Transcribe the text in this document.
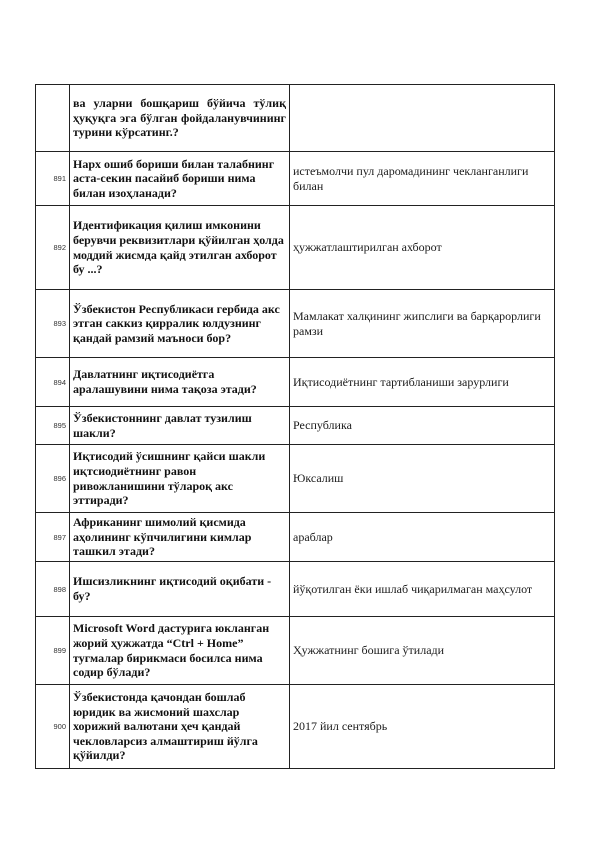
	ва уларни бошқариш бўйича тўлиқ ҳуқуқга эга бўлган фойдаланувчининг турини кўрсатинг.?	
891	Нарх ошиб бориши билан талабнинг аста-секин пасайиб бориши нима билан изоҳланади?	истеъмолчи пул даромадининг чекланганлиги билан
892	Идентификация қилиш имконини берувчи реквизитлари қўйилган ҳолда моддий жисмда қайд этилган ахборот бу ...?	ҳужжатлаштирилган ахборот
893	Ўзбекистон Республикаси гербида акс этган саккиз қирралик юлдузнинг қандай рамзий маъноси бор?	Мамлакат халқининг жипслиги ва барқарорлиги рамзи
894	Давлатнинг иқтисодиётга аралашувини нима тақоза этади?	Иқтисодиётнинг тартибланиши зарурлиги
895	Ўзбекистоннинг давлат тузилиш шакли?	Республика
896	Иқтисодий ўсишнинг қайси шакли иқтсиодиётнинг равон ривожланишини тўлароқ акс эттиради?	Юксалиш
897	Африканинг шимолий қисмида аҳолининг кўпчилигини кимлар ташкил этади?	араблар
898	Ишсизликнинг иқтисодий оқибати - бу?	йўқотилган ёки ишлаб чиқарилмаган маҳсулот
899	Microsoft Word дастурига юкланган жорий ҳужжатда “Ctrl + Home” тугмалар бирикмаси босилса нима содир бўлади?	Ҳужжатнинг бошига ўтилади
900	Ўзбекистонда қачондан бошлаб юридик ва жисмоний шахслар хорижий валютани ҳеч қандай чекловларсиз алмаштириш йўлга қўйилди?	2017 йил сентябрь
